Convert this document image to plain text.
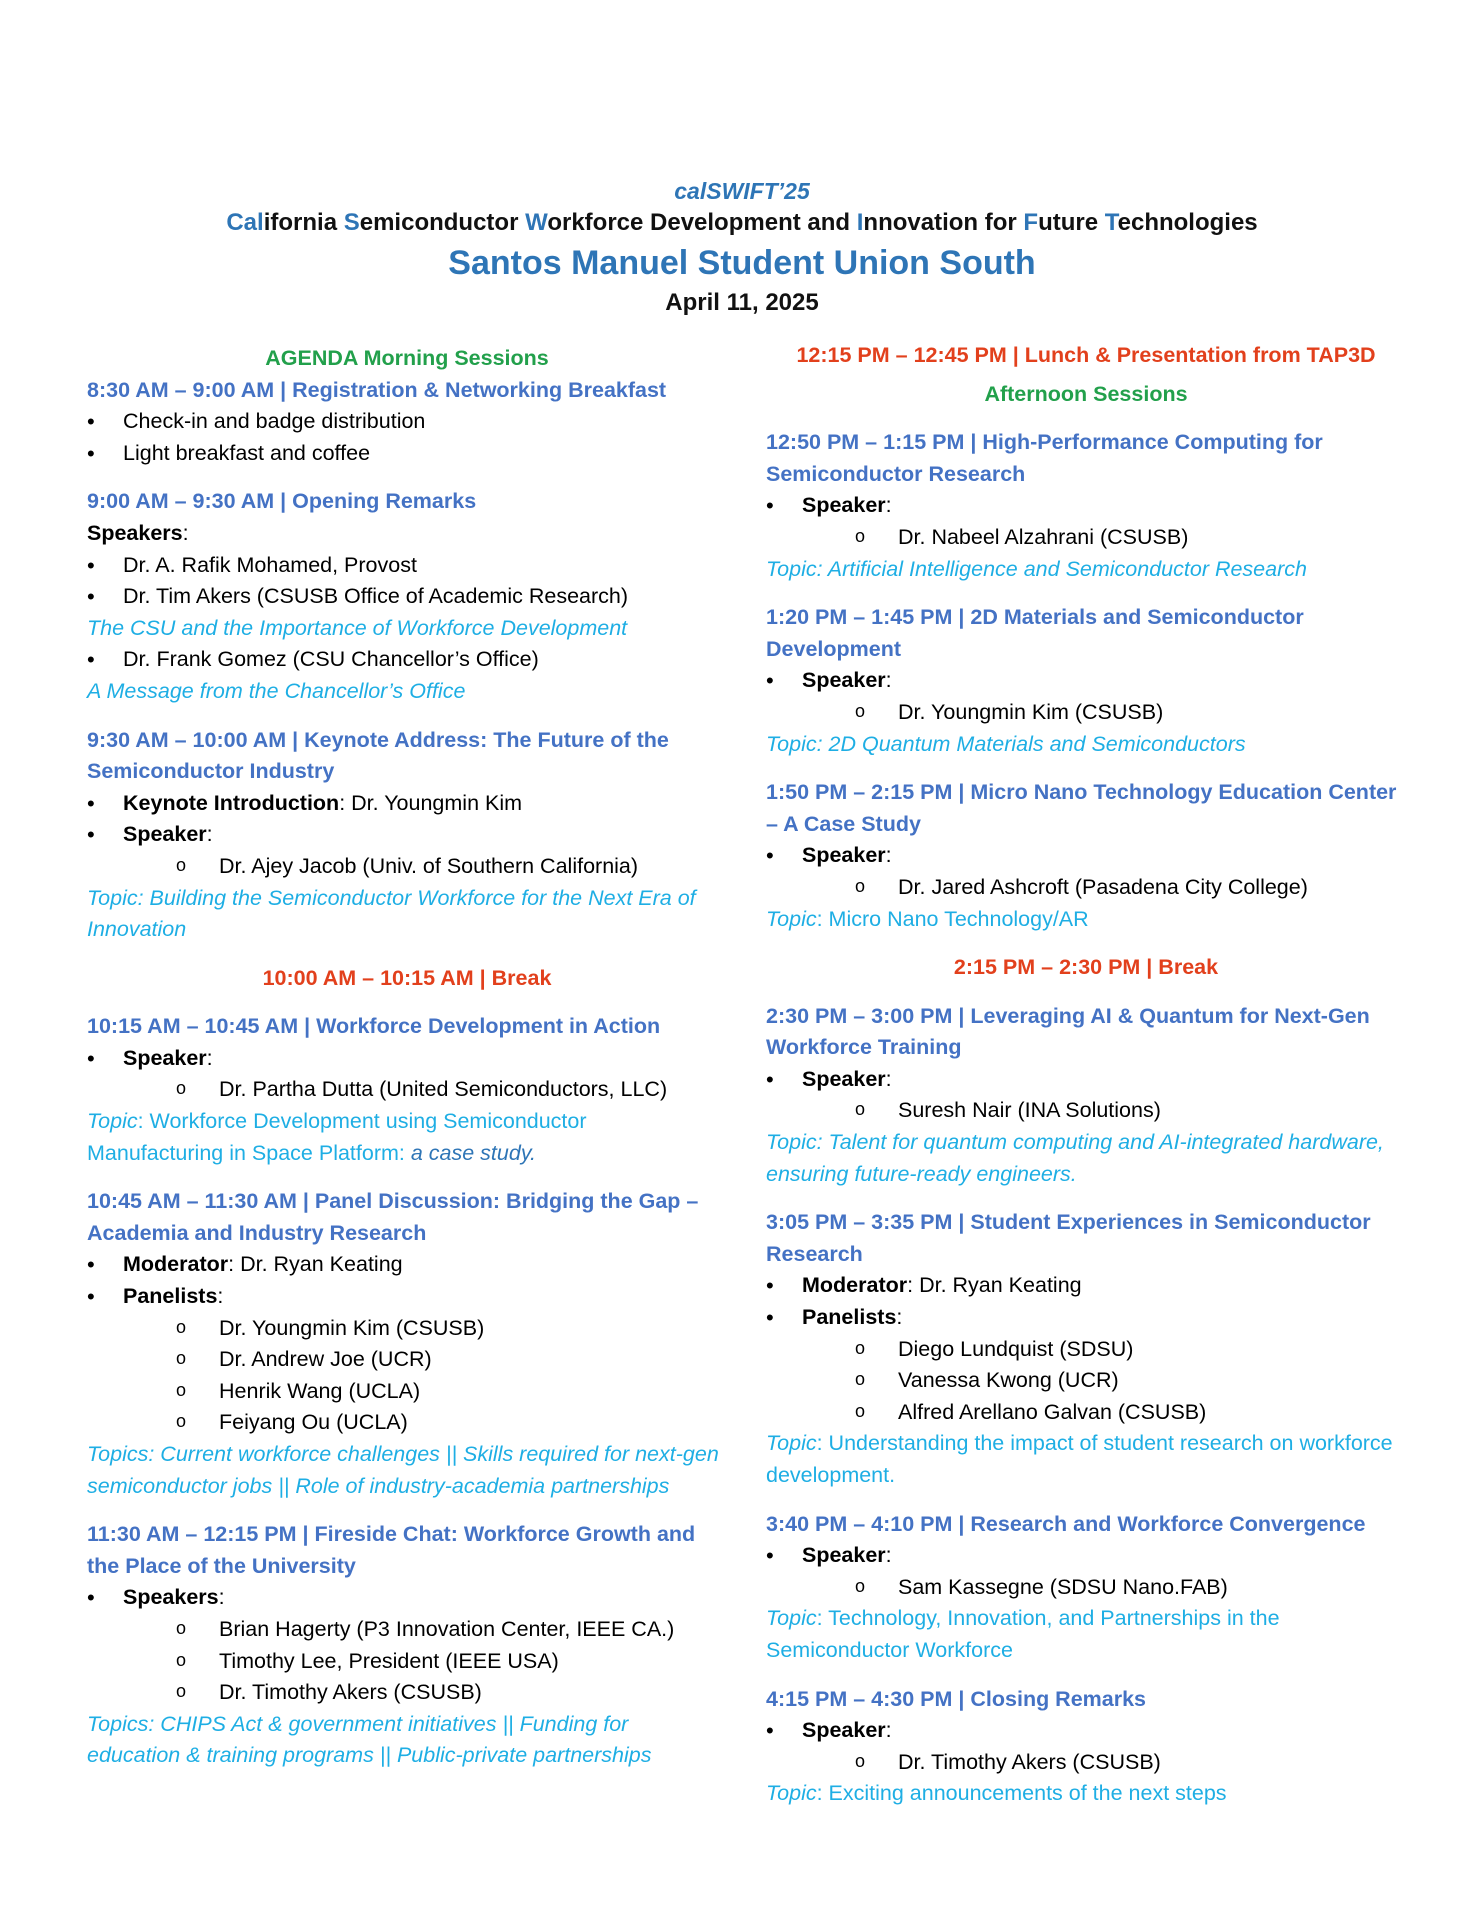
calSWIFT’25
California Semiconductor Workforce Development and Innovation for Future Technologies
Santos Manuel Student Union South
April 11, 2025
AGENDA Morning Sessions
8:30 AM – 9:00 AM | Registration & Networking Breakfast
• Check-in and badge distribution
• Light breakfast and coffee
9:00 AM – 9:30 AM | Opening Remarks
Speakers:
• Dr. A. Rafik Mohamed, Provost
• Dr. Tim Akers (CSUSB Office of Academic Research)
The CSU and the Importance of Workforce Development
• Dr. Frank Gomez (CSU Chancellor’s Office)
A Message from the Chancellor’s Office
9:30 AM – 10:00 AM | Keynote Address: The Future of the Semiconductor Industry
• Keynote Introduction: Dr. Youngmin Kim
• Speaker:
o Dr. Ajey Jacob (Univ. of Southern California)
Topic: Building the Semiconductor Workforce for the Next Era of Innovation
10:00 AM – 10:15 AM | Break
10:15 AM – 10:45 AM | Workforce Development in Action
• Speaker:
o Dr. Partha Dutta (United Semiconductors, LLC)
Topic: Workforce Development using Semiconductor Manufacturing in Space Platform: a case study.
10:45 AM – 11:30 AM | Panel Discussion: Bridging the Gap – Academia and Industry Research
• Moderator: Dr. Ryan Keating
• Panelists:
o Dr. Youngmin Kim (CSUSB)
o Dr. Andrew Joe (UCR)
o Henrik Wang (UCLA)
o Feiyang Ou (UCLA)
Topics: Current workforce challenges || Skills required for next-gen semiconductor jobs || Role of industry-academia partnerships
11:30 AM – 12:15 PM | Fireside Chat: Workforce Growth and the Place of the University
• Speakers:
o Brian Hagerty (P3 Innovation Center, IEEE CA.)
o Timothy Lee, President (IEEE USA)
o Dr. Timothy Akers (CSUSB)
Topics: CHIPS Act & government initiatives || Funding for education & training programs || Public-private partnerships
12:15 PM – 12:45 PM | Lunch & Presentation from TAP3D
Afternoon Sessions
12:50 PM – 1:15 PM | High-Performance Computing for Semiconductor Research
• Speaker:
o Dr. Nabeel Alzahrani (CSUSB)
Topic: Artificial Intelligence and Semiconductor Research
1:20 PM – 1:45 PM | 2D Materials and Semiconductor Development
• Speaker:
o Dr. Youngmin Kim (CSUSB)
Topic: 2D Quantum Materials and Semiconductors
1:50 PM – 2:15 PM | Micro Nano Technology Education Center – A Case Study
• Speaker:
o Dr. Jared Ashcroft (Pasadena City College)
Topic: Micro Nano Technology/AR
2:15 PM – 2:30 PM | Break
2:30 PM – 3:00 PM | Leveraging AI & Quantum for Next-Gen Workforce Training
• Speaker:
o Suresh Nair (INA Solutions)
Topic: Talent for quantum computing and AI-integrated hardware, ensuring future-ready engineers.
3:05 PM – 3:35 PM | Student Experiences in Semiconductor Research
• Moderator: Dr. Ryan Keating
• Panelists:
o Diego Lundquist (SDSU)
o Vanessa Kwong (UCR)
o Alfred Arellano Galvan (CSUSB)
Topic: Understanding the impact of student research on workforce development.
3:40 PM – 4:10 PM | Research and Workforce Convergence
• Speaker:
o Sam Kassegne (SDSU Nano.FAB)
Topic: Technology, Innovation, and Partnerships in the Semiconductor Workforce
4:15 PM – 4:30 PM | Closing Remarks
• Speaker:
o Dr. Timothy Akers (CSUSB)
Topic: Exciting announcements of the next steps
